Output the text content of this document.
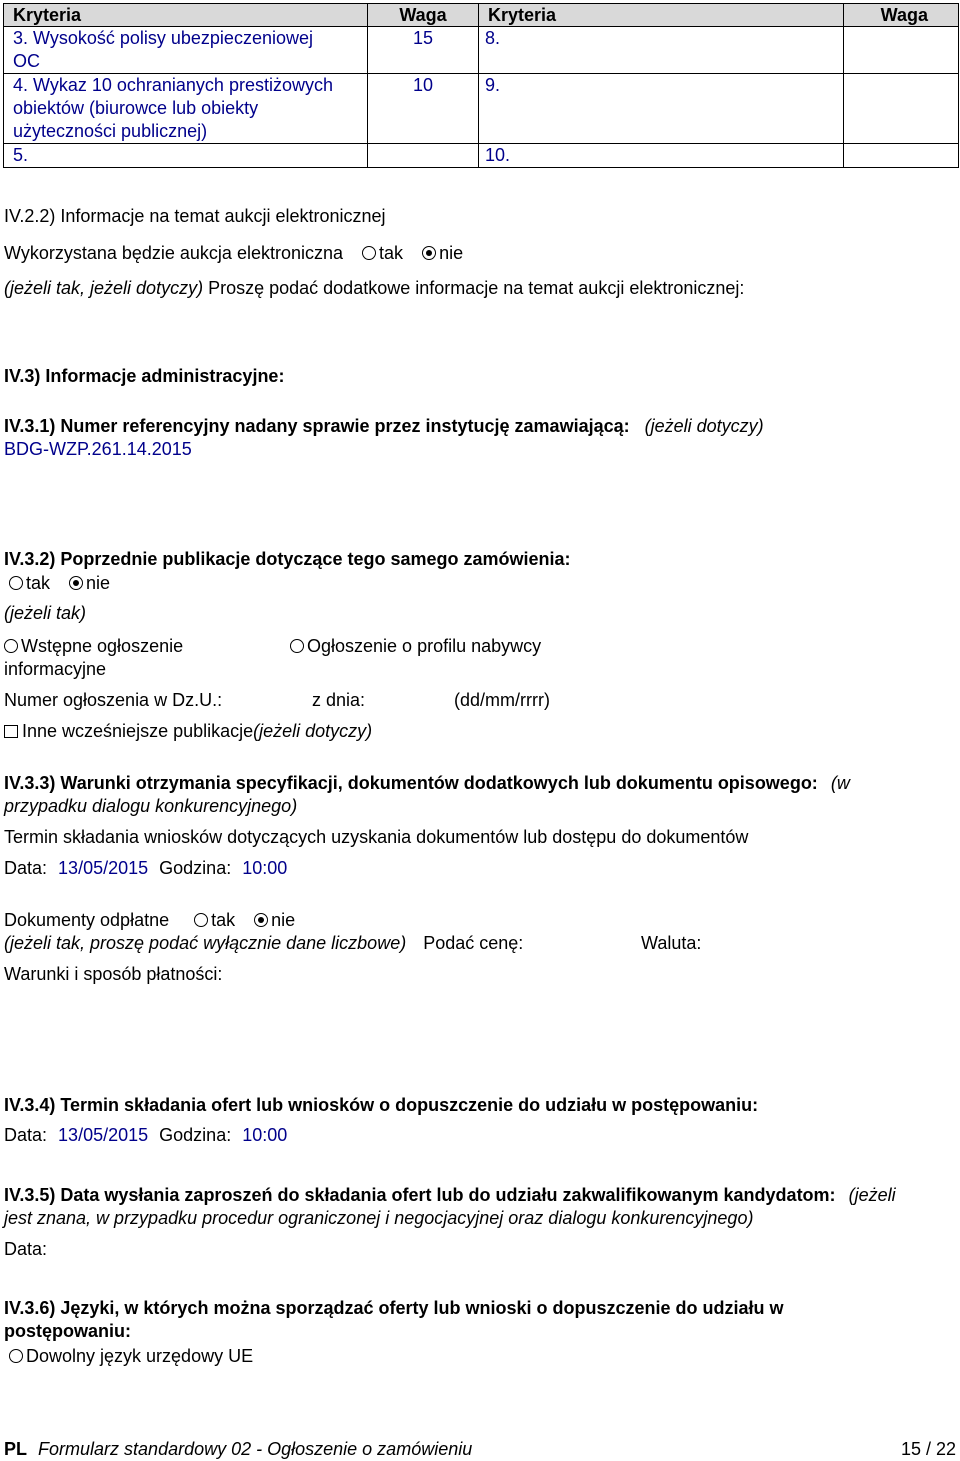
Kryteria	Waga	Kryteria	Waga

3. Wysokość polisy ubezpieczeniowej
OC	15	8.	

4. Wykaz 10 ochranianych prestiżowych
obiektów (biurowce lub obiekty
użyteczności publicznej)	10	9.	
5.		10.	
IV.2.2) Informacje na temat aukcji elektronicznej
Wykorzystana będzie aukcja elektroniczna tak nie
(jeżeli tak, jeżeli dotyczy) Proszę podać dodatkowe informacje na temat aukcji elektronicznej:
IV.3) Informacje administracyjne:
IV.3.1) Numer referencyjny nadany sprawie przez instytucję zamawiającą: (jeżeli dotyczy)
BDG-WZP.261.14.2015
IV.3.2) Poprzednie publikacje dotyczące tego samego zamówienia:
tak nie
(jeżeli tak)
Wstępne ogłoszenie
informacyjne
Ogłoszenie o profilu nabywcy
Numer ogłoszenia w Dz.U.:	z dnia:	(dd/mm/rrrr)
Inne wcześniejsze publikacje(jeżeli dotyczy)
IV.3.3) Warunki otrzymania specyfikacji, dokumentów dodatkowych lub dokumentu opisowego: (w
przypadku dialogu konkurencyjnego)
Termin składania wniosków dotyczących uzyskania dokumentów lub dostępu do dokumentów
Data: 13/05/2015 Godzina: 10:00
Dokumenty odpłatne tak nie
(jeżeli tak, proszę podać wyłącznie dane liczbowe) Podać cenę:	Waluta:
Warunki i sposób płatności:
IV.3.4) Termin składania ofert lub wniosków o dopuszczenie do udziału w postępowaniu:
Data: 13/05/2015 Godzina: 10:00
IV.3.5) Data wysłania zaproszeń do składania ofert lub do udziału zakwalifikowanym kandydatom: (jeżeli
jest znana, w przypadku procedur ograniczonej i negocjacyjnej oraz dialogu konkurencyjnego)
Data:
IV.3.6) Języki, w których można sporządzać oferty lub wnioski o dopuszczenie do udziału w
postępowaniu:
Dowolny język urzędowy UE
PL Formularz standardowy 02 - Ogłoszenie o zamówieniu	15 / 22
